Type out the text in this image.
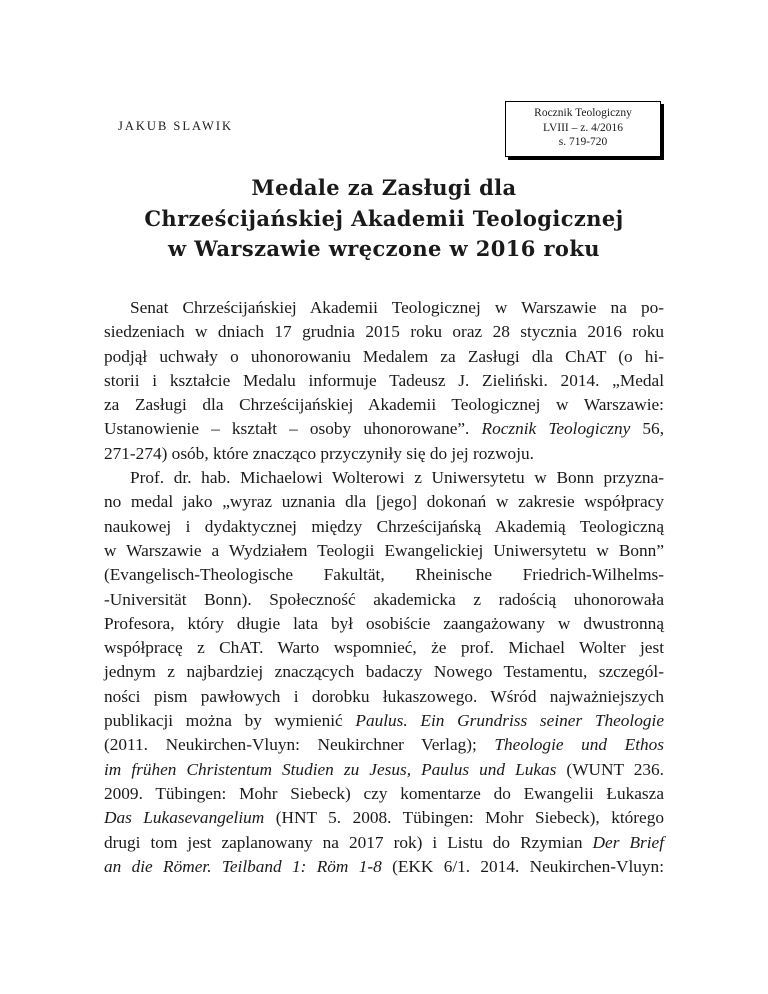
JAKUB SLAWIK
Rocznik Teologiczny
LVIII – z. 4/2016
s. 719-720
Medale za Zasługi dla
Chrześcijańskiej Akademii Teologicznej
w Warszawie wręczone w 2016 roku
Senat Chrześcijańskiej Akademii Teologicznej w Warszawie na po-
siedzeniach w dniach 17 grudnia 2015 roku oraz 28 stycznia 2016 roku
podjął uchwały o uhonorowaniu Medalem za Zasługi dla ChAT (o hi-
storii i kształcie Medalu informuje Tadeusz J. Zieliński. 2014. „Medal
za Zasługi dla Chrześcijańskiej Akademii Teologicznej w Warszawie:
Ustanowienie – kształt – osoby uhonorowane”. Rocznik Teologiczny 56,
271-274) osób, które znacząco przyczyniły się do jej rozwoju.
Prof. dr. hab. Michaelowi Wolterowi z Uniwersytetu w Bonn przyzna-
no medal jako „wyraz uznania dla [jego] dokonań w zakresie współpracy
naukowej i dydaktycznej między Chrześcijańską Akademią Teologiczną
w Warszawie a Wydziałem Teologii Ewangelickiej Uniwersytetu w Bonn”
(Evangelisch-Theologische Fakultät, Rheinische Friedrich-Wilhelms-
-Universität Bonn). Społeczność akademicka z radością uhonorowała
Profesora, który długie lata był osobiście zaangażowany w dwustronną
współpracę z ChAT. Warto wspomnieć, że prof. Michael Wolter jest
jednym z najbardziej znaczących badaczy Nowego Testamentu, szczegól-
ności pism pawłowych i dorobku łukaszowego. Wśród najważniejszych
publikacji można by wymienić Paulus. Ein Grundriss seiner Theologie
(2011. Neukirchen-Vluyn: Neukirchner Verlag); Theologie und Ethos
im frühen Christentum Studien zu Jesus, Paulus und Lukas (WUNT 236.
2009. Tübingen: Mohr Siebeck) czy komentarze do Ewangelii Łukasza
Das Lukasevangelium (HNT 5. 2008. Tübingen: Mohr Siebeck), którego
drugi tom jest zaplanowany na 2017 rok) i Listu do Rzymian Der Brief
an die Römer. Teilband 1: Röm 1-8 (EKK 6/1. 2014. Neukirchen-Vluyn:
